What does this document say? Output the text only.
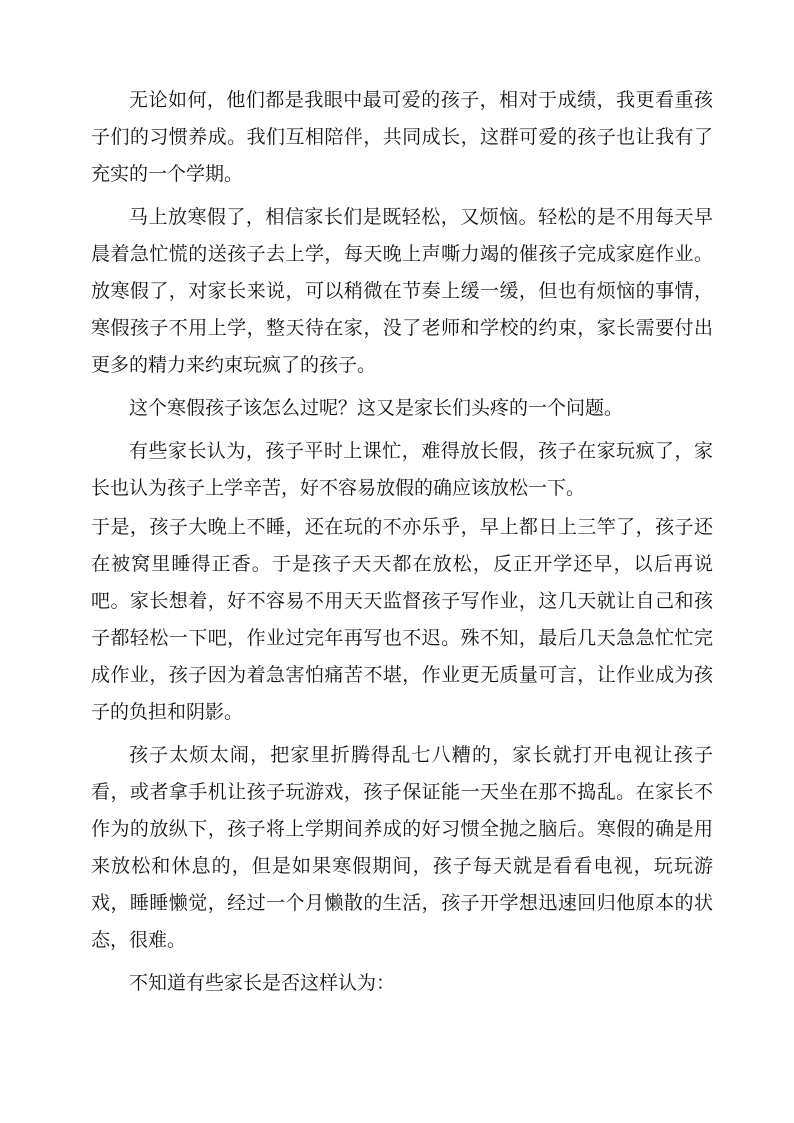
无论如何，他们都是我眼中最可爱的孩子，相对于成绩，我更看重孩子们的习惯养成。我们互相陪伴，共同成长，这群可爱的孩子也让我有了充实的一个学期。

马上放寒假了，相信家长们是既轻松，又烦恼。轻松的是不用每天早晨着急忙慌的送孩子去上学，每天晚上声嘶力竭的催孩子完成家庭作业。放寒假了，对家长来说，可以稍微在节奏上缓一缓，但也有烦恼的事情，寒假孩子不用上学，整天待在家，没了老师和学校的约束，家长需要付出更多的精力来约束玩疯了的孩子。

这个寒假孩子该怎么过呢？这又是家长们头疼的一个问题。

有些家长认为，孩子平时上课忙，难得放长假，孩子在家玩疯了，家长也认为孩子上学辛苦，好不容易放假的确应该放松一下。

于是，孩子大晚上不睡，还在玩的不亦乐乎，早上都日上三竿了，孩子还在被窝里睡得正香。于是孩子天天都在放松，反正开学还早，以后再说吧。家长想着，好不容易不用天天监督孩子写作业，这几天就让自己和孩子都轻松一下吧，作业过完年再写也不迟。殊不知，最后几天急急忙忙完成作业，孩子因为着急害怕痛苦不堪，作业更无质量可言，让作业成为孩子的负担和阴影。

孩子太烦太闹，把家里折腾得乱七八糟的，家长就打开电视让孩子看，或者拿手机让孩子玩游戏，孩子保证能一天坐在那不捣乱。在家长不作为的放纵下，孩子将上学期间养成的好习惯全抛之脑后。寒假的确是用来放松和休息的，但是如果寒假期间，孩子每天就是看看电视，玩玩游戏，睡睡懒觉，经过一个月懒散的生活，孩子开学想迅速回归他原本的状态，很难。

不知道有些家长是否这样认为：
